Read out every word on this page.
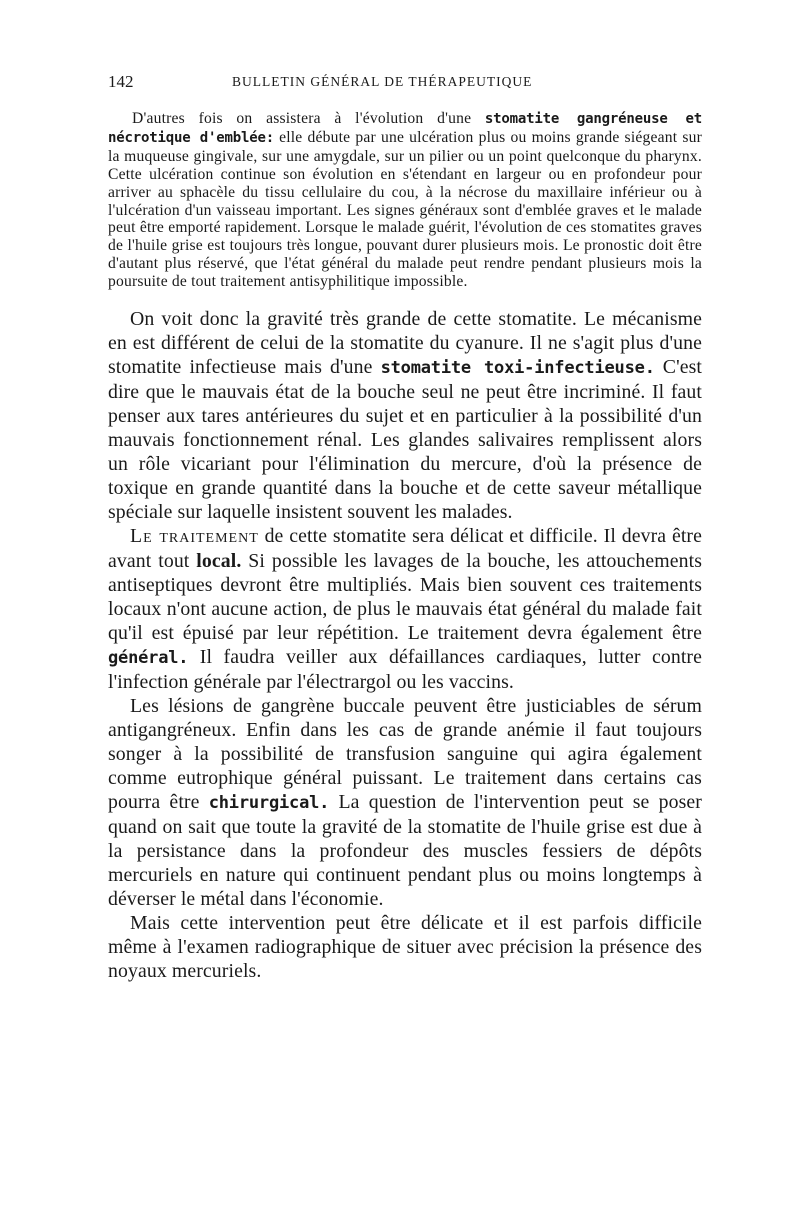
142	BULLETIN GÉNÉRAL DE THÉRAPEUTIQUE

D'autres fois on assistera à l'évolution d'une stomatite gangréneuse et nécrotique d'emblée: elle débute par une ulcération plus ou moins grande siégeant sur la muqueuse gingivale, sur une amygdale, sur un pilier ou un point quelconque du pharynx. Cette ulcération continue son évolution en s'étendant en largeur ou en profondeur pour arriver au sphacèle du tissu cellulaire du cou, à la nécrose du maxillaire inférieur ou à l'ulcération d'un vaisseau important. Les signes généraux sont d'emblée graves et le malade peut être emporté rapidement. Lorsque le malade guérit, l'évolution de ces stomatites graves de l'huile grise est toujours très longue, pouvant durer plusieurs mois. Le pronostic doit être d'autant plus réservé, que l'état général du malade peut rendre pendant plusieurs mois la poursuite de tout traitement antisyphilitique impossible.

On voit donc la gravité très grande de cette stomatite. Le mécanisme en est différent de celui de la stomatite du cyanure. Il ne s'agit plus d'une stomatite infectieuse mais d'une stomatite toxi-infectieuse. C'est dire que le mauvais état de la bouche seul ne peut être incriminé. Il faut penser aux tares antérieures du sujet et en particulier à la possibilité d'un mauvais fonctionnement rénal. Les glandes salivaires remplissent alors un rôle vicariant pour l'élimination du mercure, d'où la présence de toxique en grande quantité dans la bouche et de cette saveur métallique spéciale sur laquelle insistent souvent les malades.

Le traitement de cette stomatite sera délicat et difficile. Il devra être avant tout local. Si possible les lavages de la bouche, les attouchements antiseptiques devront être multipliés. Mais bien souvent ces traitements locaux n'ont aucune action, de plus le mauvais état général du malade fait qu'il est épuisé par leur répétition. Le traitement devra également être général. Il faudra veiller aux défaillances cardiaques, lutter contre l'infection générale par l'électrargol ou les vaccins.

Les lésions de gangrène buccale peuvent être justiciables de sérum antigangréneux. Enfin dans les cas de grande anémie il faut toujours songer à la possibilité de transfusion sanguine qui agira également comme eutrophique général puissant. Le traitement dans certains cas pourra être chirurgical. La question de l'intervention peut se poser quand on sait que toute la gravité de la stomatite de l'huile grise est due à la persistance dans la profondeur des muscles fessiers de dépôts mercuriels en nature qui continuent pendant plus ou moins longtemps à déverser le métal dans l'économie.

Mais cette intervention peut être délicate et il est parfois difficile même à l'examen radiographique de situer avec précision la présence des noyaux mercuriels.
